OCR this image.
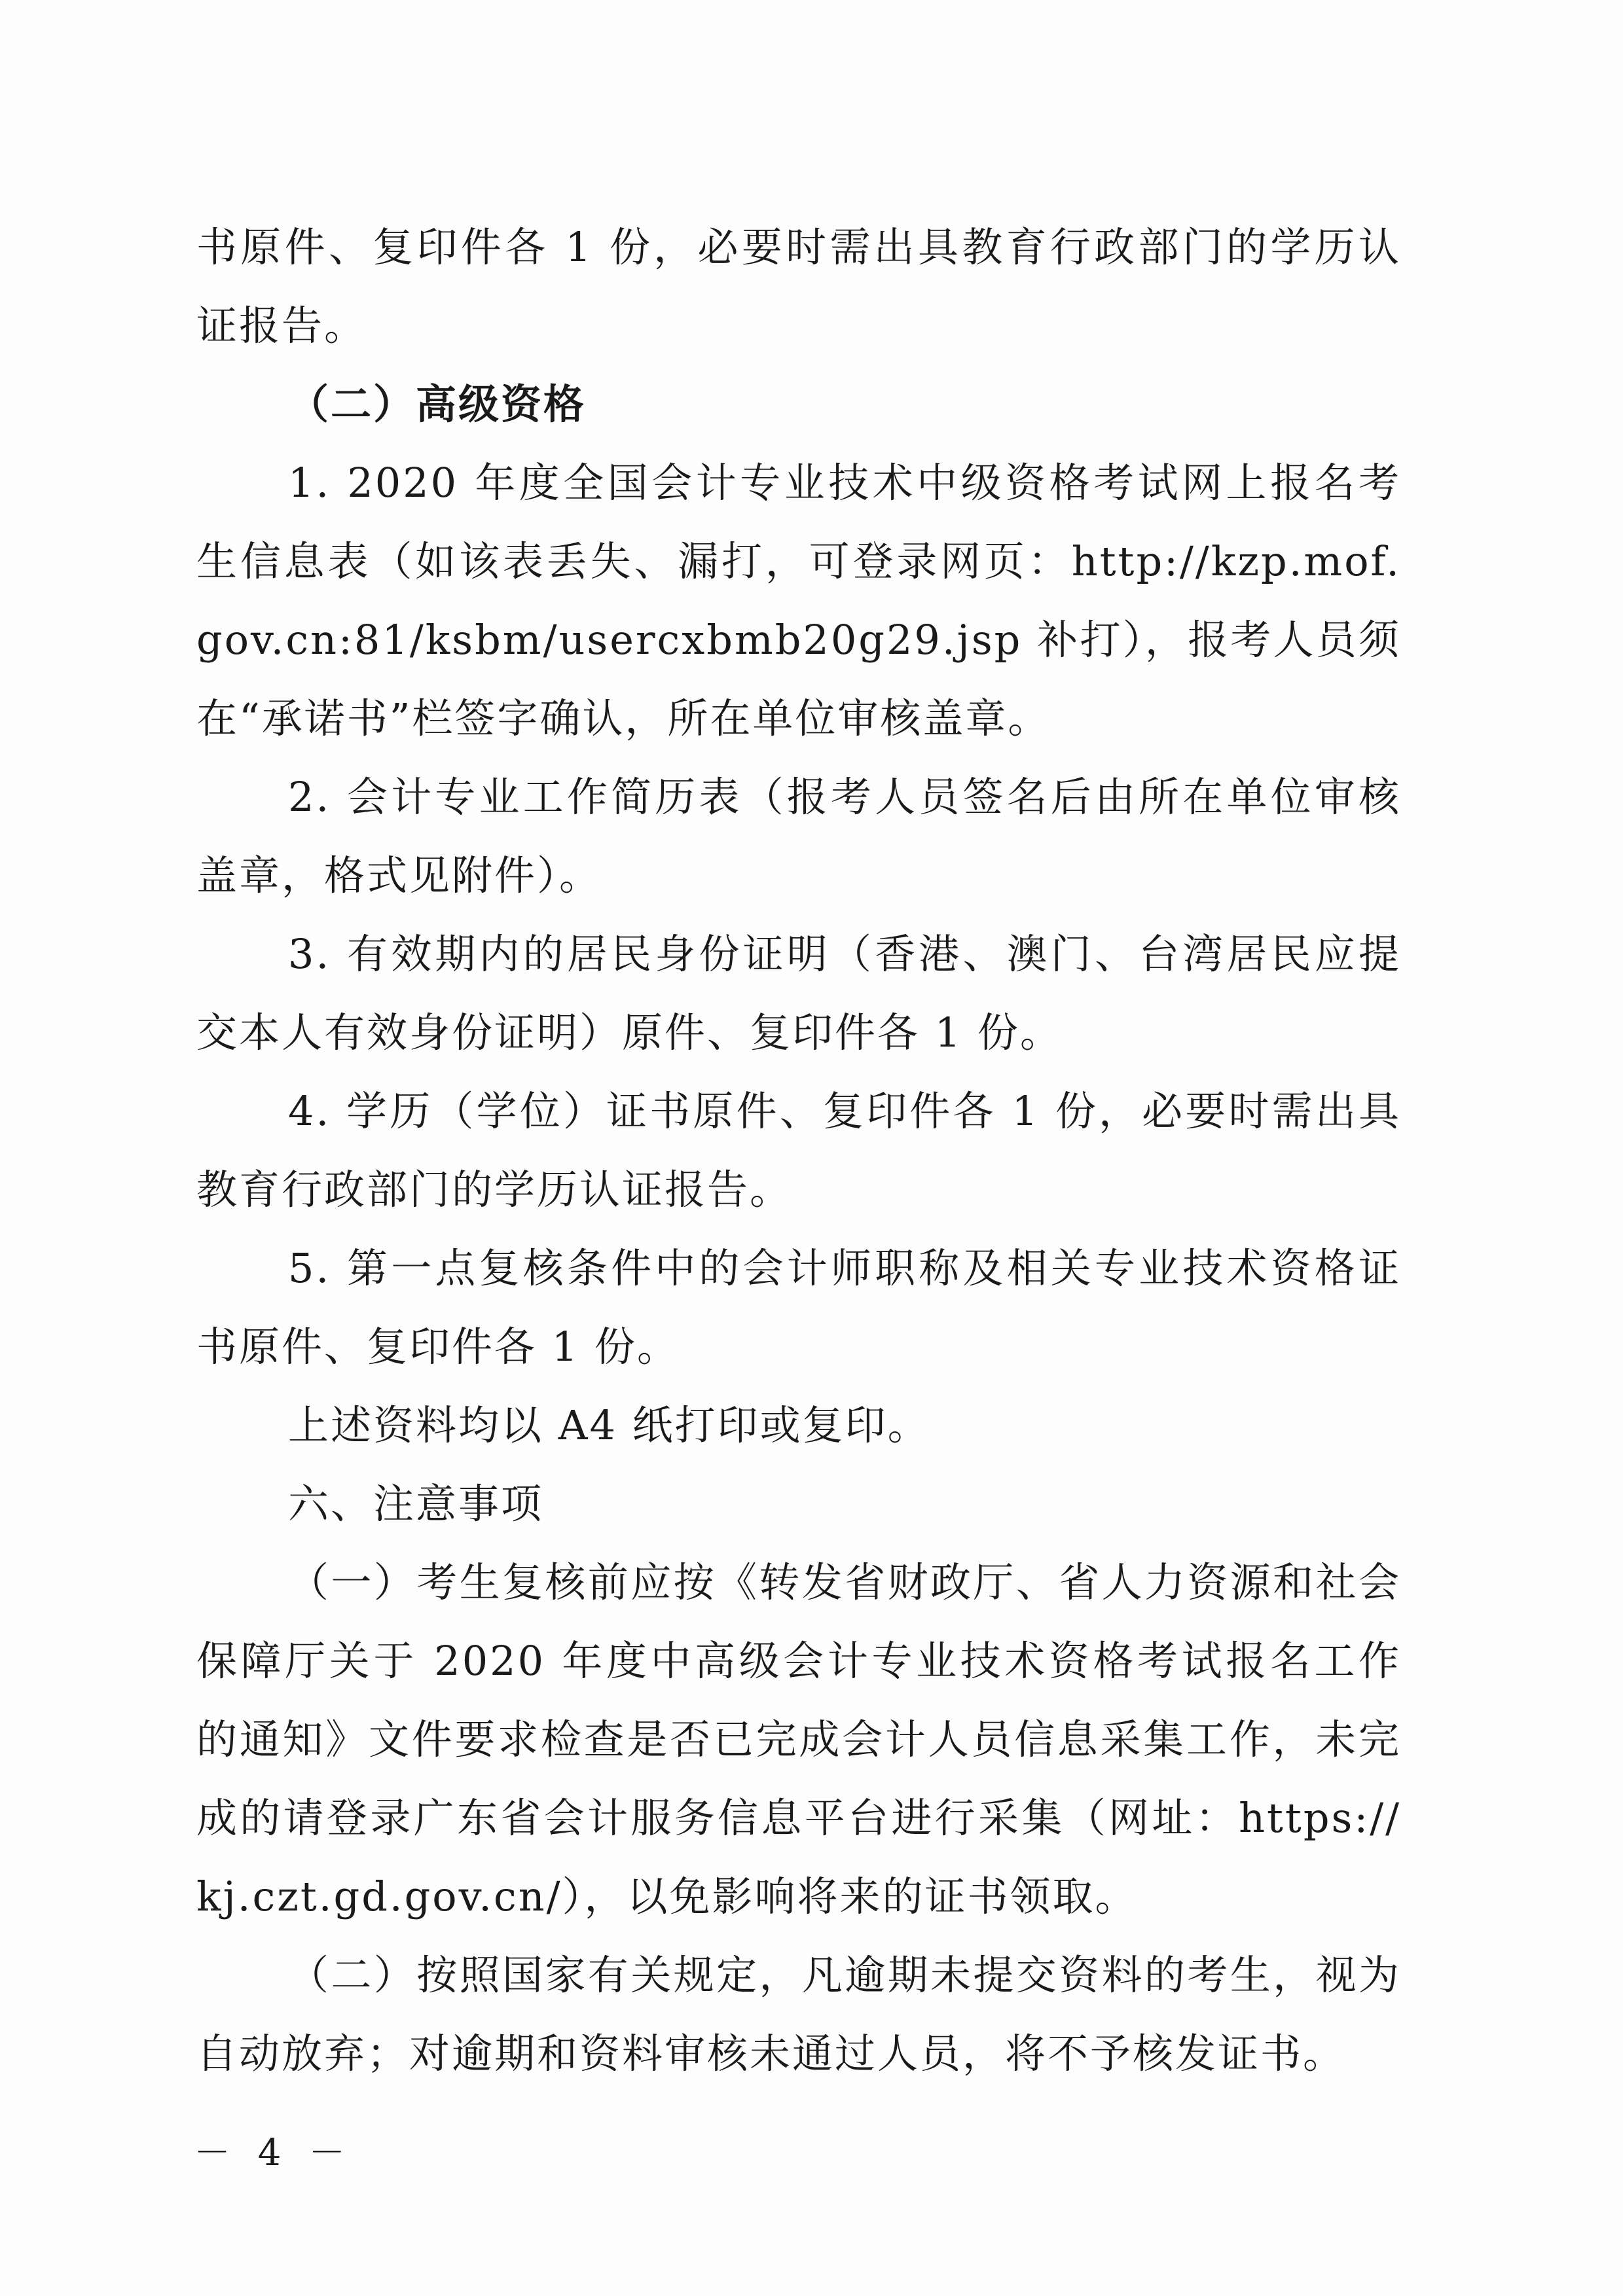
书原件、复印件各 1 份，必要时需出具教育行政部门的学历认证报告。

（二）高级资格

1. 2020 年度全国会计专业技术中级资格考试网上报名考生信息表（如该表丢失、漏打，可登录网页：http://kzp.mof.gov.cn:81/ksbm/usercxbmb20g29.jsp 补打），报考人员须在“承诺书”栏签字确认，所在单位审核盖章。

2. 会计专业工作简历表（报考人员签名后由所在单位审核盖章，格式见附件）。

3. 有效期内的居民身份证明（香港、澳门、台湾居民应提交本人有效身份证明）原件、复印件各 1 份。

4. 学历（学位）证书原件、复印件各 1 份，必要时需出具教育行政部门的学历认证报告。

5. 第一点复核条件中的会计师职称及相关专业技术资格证书原件、复印件各 1 份。

上述资料均以 A4 纸打印或复印。

六、注意事项

（一）考生复核前应按《转发省财政厅、省人力资源和社会保障厅关于 2020 年度中高级会计专业技术资格考试报名工作的通知》文件要求检查是否已完成会计人员信息采集工作，未完成的请登录广东省会计服务信息平台进行采集（网址：https://kj.czt.gd.gov.cn/），以免影响将来的证书领取。

（二）按照国家有关规定，凡逾期未提交资料的考生，视为自动放弃；对逾期和资料审核未通过人员，将不予核发证书。

－ 4 －
